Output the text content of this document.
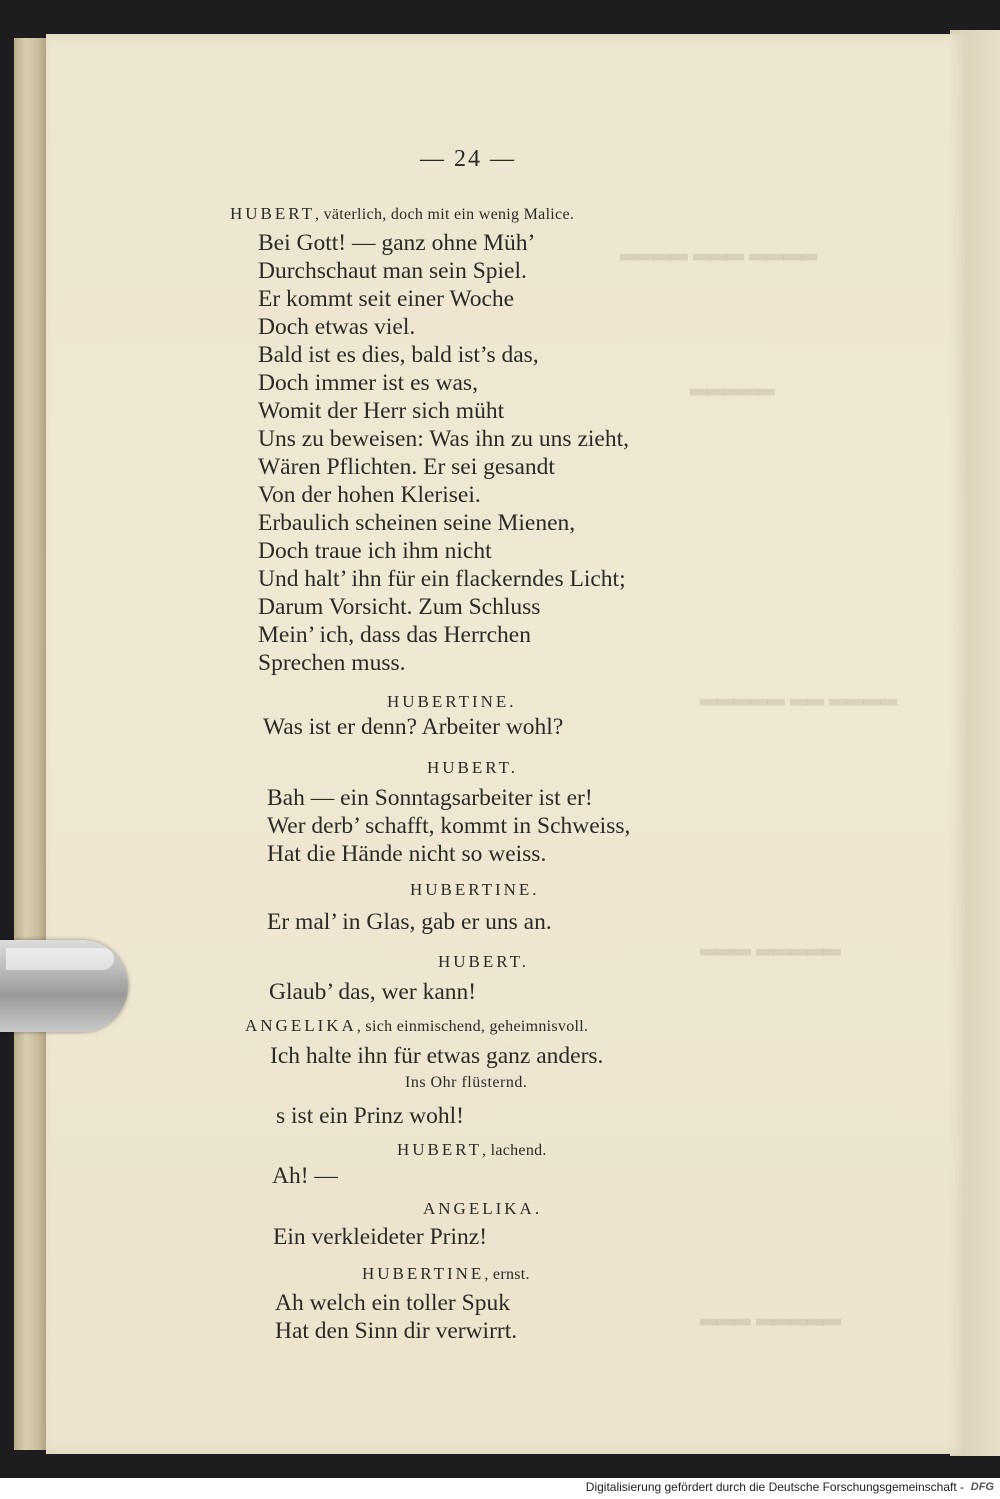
— 24 —
HUBERT, väterlich, doch mit ein wenig Malice.
Bei Gott! — ganz ohne Müh’
Durchschaut man sein Spiel.
Er kommt seit einer Woche
Doch etwas viel.
Bald ist es dies, bald ist’s das,
Doch immer ist es was,
Womit der Herr sich müht
Uns zu beweisen: Was ihn zu uns zieht,
Wären Pflichten. Er sei gesandt
Von der hohen Klerisei.
Erbaulich scheinen seine Mienen,
Doch traue ich ihm nicht
Und halt’ ihn für ein flackerndes Licht;
Darum Vorsicht. Zum Schluss
Mein’ ich, dass das Herrchen
Sprechen muss.
HUBERTINE.
Was ist er denn? Arbeiter wohl?
HUBERT.
Bah — ein Sonntagsarbeiter ist er!
Wer derb’ schafft, kommt in Schweiss,
Hat die Hände nicht so weiss.
HUBERTINE.
Er mal’ in Glas, gab er uns an.
HUBERT.
Glaub’ das, wer kann!
ANGELIKA, sich einmischend, geheimnisvoll.
Ich halte ihn für etwas ganz anders.
Ins Ohr flüsternd.
s ist ein Prinz wohl!
HUBERT, lachend.
Ah! —
ANGELIKA.
Ein verkleideter Prinz!
HUBERTINE, ernst.
Ah welch ein toller Spuk
Hat den Sinn dir verwirrt.
Digitalisierung gefördert durch die Deutsche Forschungsgemeinschaft - DFG
